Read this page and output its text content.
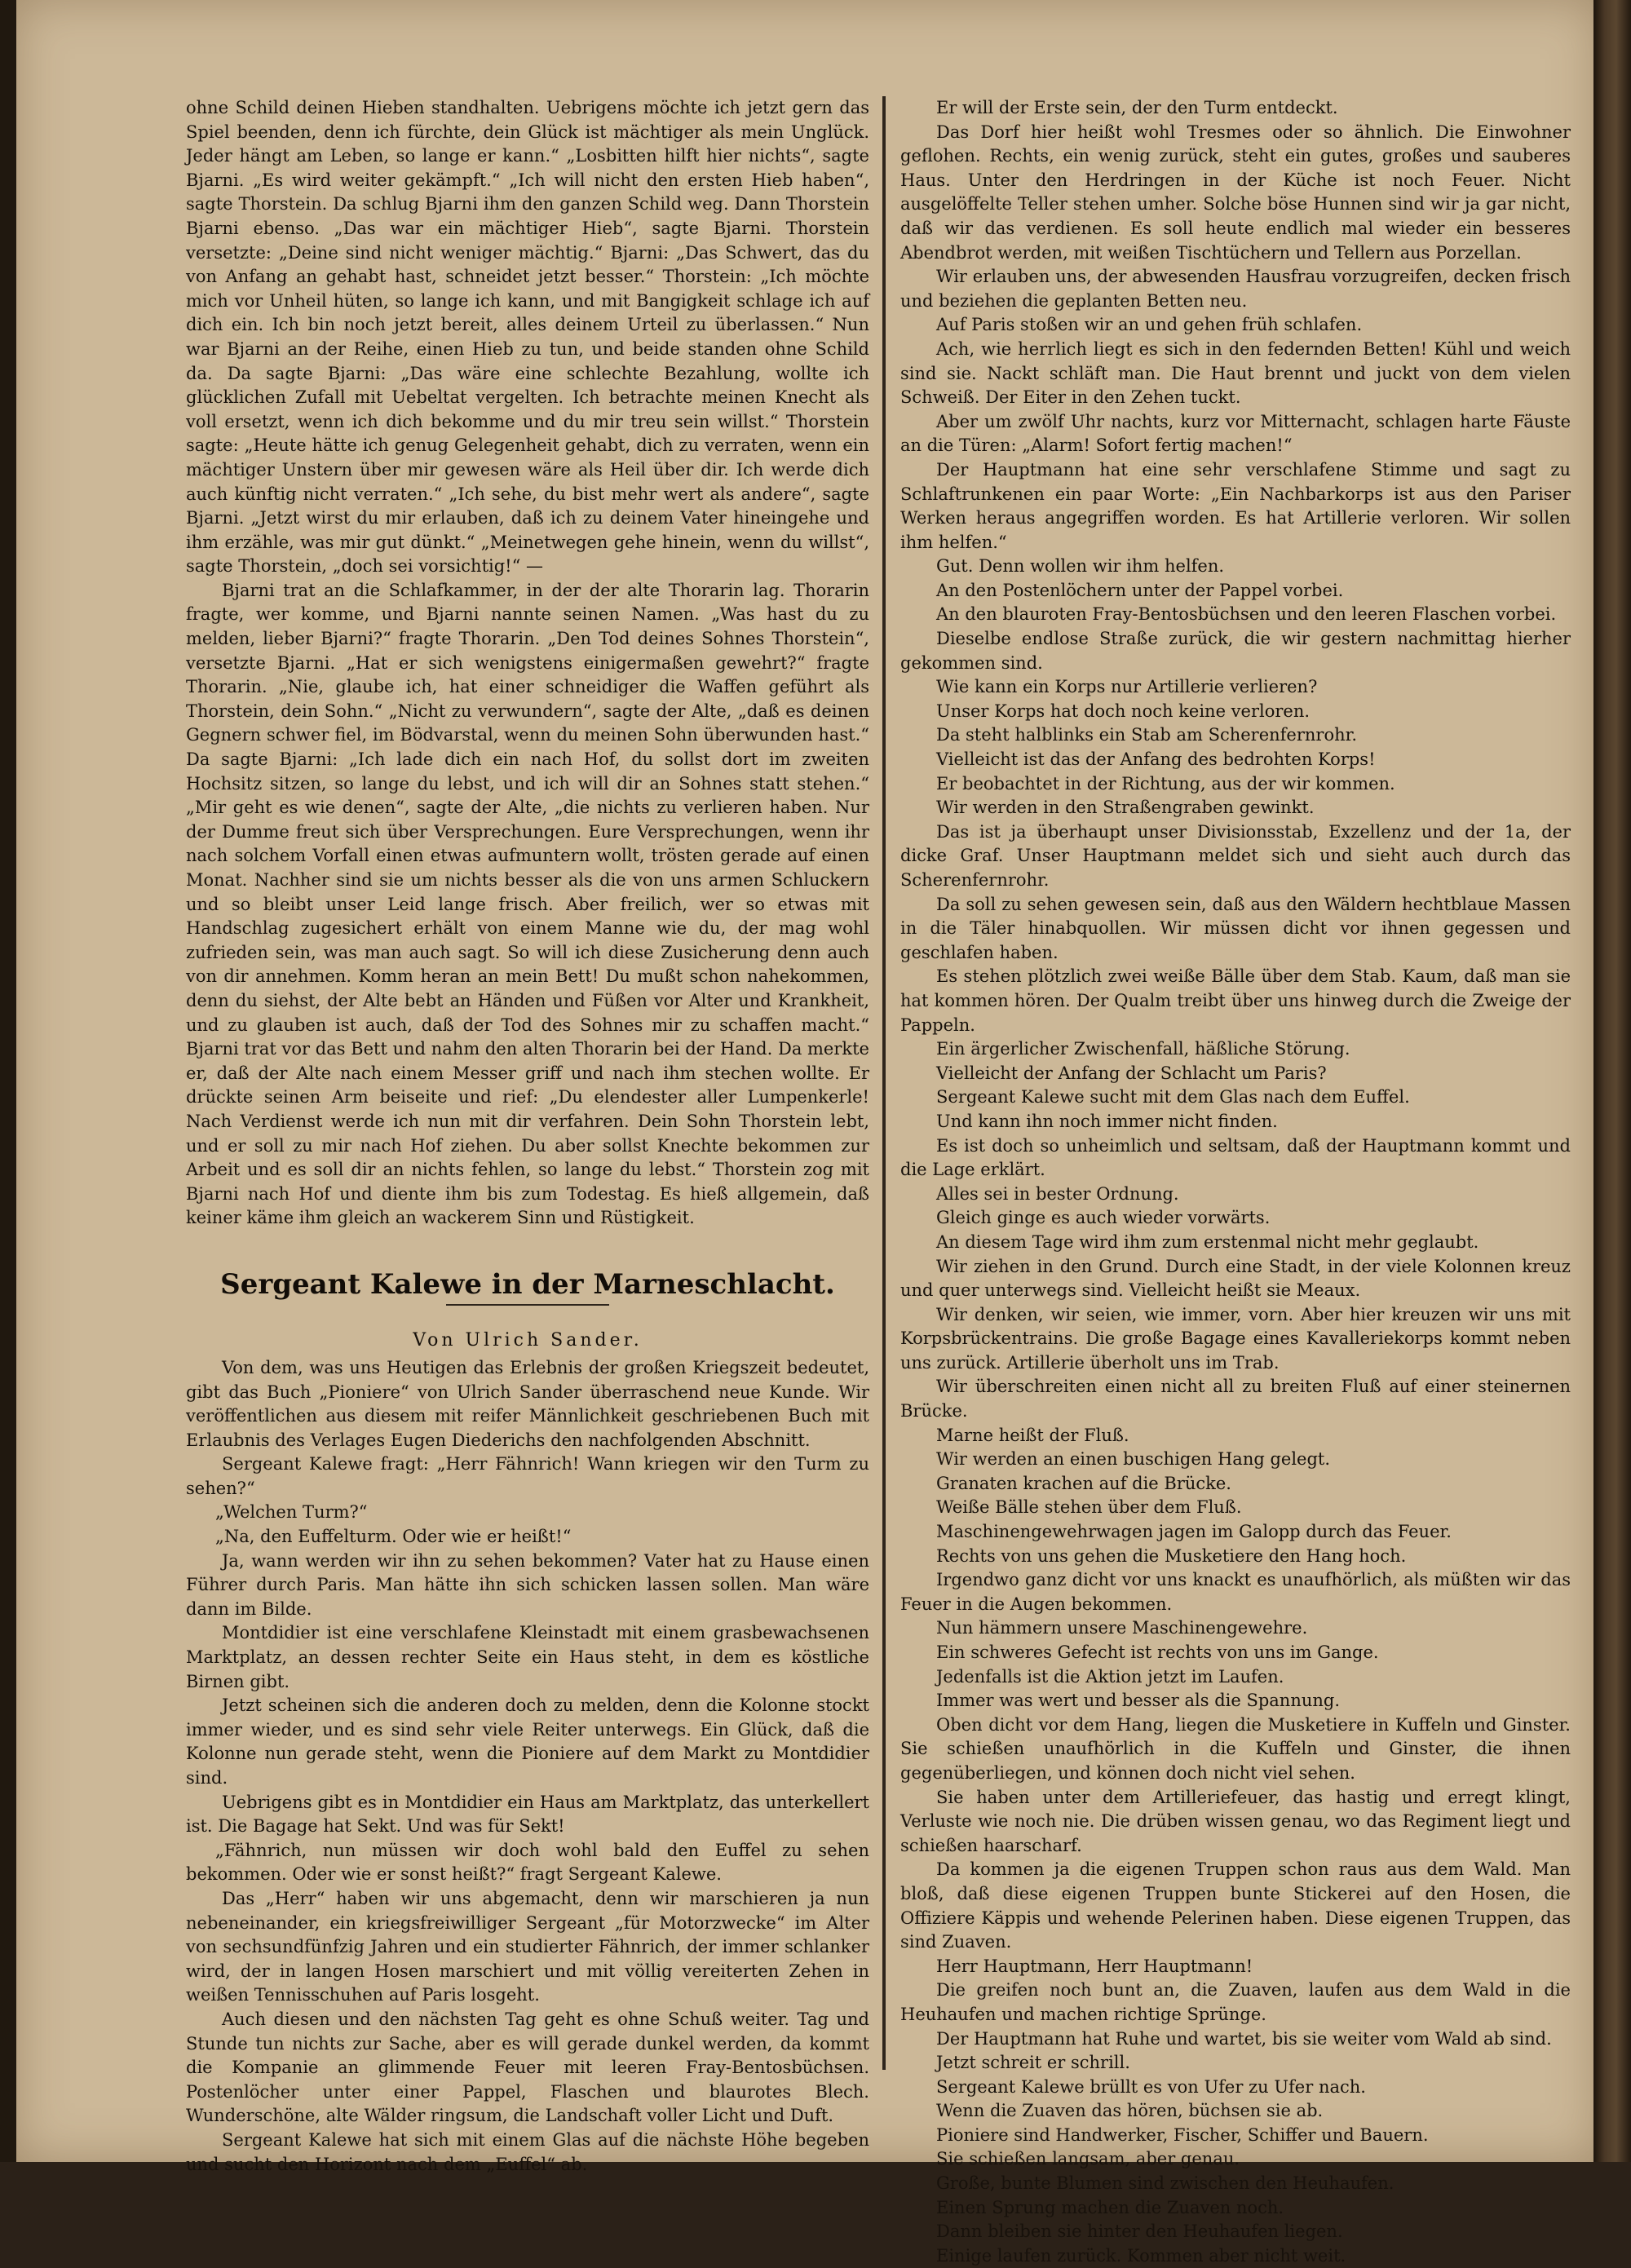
ohne Schild deinen Hieben standhalten. Uebrigens möchte ich jetzt gern das Spiel beenden, denn ich fürchte, dein Glück ist mächtiger als mein Unglück. Jeder hängt am Leben, so lange er kann.“ „Losbitten hilft hier nichts“, sagte Bjarni. „Es wird weiter gekämpft.“ „Ich will nicht den ersten Hieb haben“, sagte Thorstein. Da schlug Bjarni ihm den ganzen Schild weg. Dann Thorstein Bjarni ebenso. „Das war ein mächtiger Hieb“, sagte Bjarni. Thorstein versetzte: „Deine sind nicht weniger mächtig.“ Bjarni: „Das Schwert, das du von Anfang an gehabt hast, schneidet jetzt besser.“ Thorstein: „Ich möchte mich vor Unheil hüten, so lange ich kann, und mit Bangigkeit schlage ich auf dich ein. Ich bin noch jetzt bereit, alles deinem Urteil zu überlassen.“ Nun war Bjarni an der Reihe, einen Hieb zu tun, und beide standen ohne Schild da. Da sagte Bjarni: „Das wäre eine schlechte Bezahlung, wollte ich glücklichen Zufall mit Uebeltat vergelten. Ich betrachte meinen Knecht als voll ersetzt, wenn ich dich bekomme und du mir treu sein willst.“ Thorstein sagte: „Heute hätte ich genug Gelegenheit gehabt, dich zu verraten, wenn ein mächtiger Unstern über mir gewesen wäre als Heil über dir. Ich werde dich auch künftig nicht verraten.“ „Ich sehe, du bist mehr wert als andere“, sagte Bjarni. „Jetzt wirst du mir erlauben, daß ich zu deinem Vater hineingehe und ihm erzähle, was mir gut dünkt.“ „Meinetwegen gehe hinein, wenn du willst“, sagte Thorstein, „doch sei vorsichtig!“ —

Bjarni trat an die Schlafkammer, in der der alte Thorarin lag. Thorarin fragte, wer komme, und Bjarni nannte seinen Namen. „Was hast du zu melden, lieber Bjarni?“ fragte Thorarin. „Den Tod deines Sohnes Thorstein“, versetzte Bjarni. „Hat er sich wenigstens einigermaßen gewehrt?“ fragte Thorarin. „Nie, glaube ich, hat einer schneidiger die Waffen geführt als Thorstein, dein Sohn.“ „Nicht zu verwundern“, sagte der Alte, „daß es deinen Gegnern schwer fiel, im Bödvarstal, wenn du meinen Sohn überwunden hast.“ Da sagte Bjarni: „Ich lade dich ein nach Hof, du sollst dort im zweiten Hochsitz sitzen, so lange du lebst, und ich will dir an Sohnes statt stehen.“ „Mir geht es wie denen“, sagte der Alte, „die nichts zu verlieren haben. Nur der Dumme freut sich über Versprechungen. Eure Versprechungen, wenn ihr nach solchem Vorfall einen etwas aufmuntern wollt, trösten gerade auf einen Monat. Nachher sind sie um nichts besser als die von uns armen Schluckern und so bleibt unser Leid lange frisch. Aber freilich, wer so etwas mit Handschlag zugesichert erhält von einem Manne wie du, der mag wohl zufrieden sein, was man auch sagt. So will ich diese Zusicherung denn auch von dir annehmen. Komm heran an mein Bett! Du mußt schon nahekommen, denn du siehst, der Alte bebt an Händen und Füßen vor Alter und Krankheit, und zu glauben ist auch, daß der Tod des Sohnes mir zu schaffen macht.“ Bjarni trat vor das Bett und nahm den alten Thorarin bei der Hand. Da merkte er, daß der Alte nach einem Messer griff und nach ihm stechen wollte. Er drückte seinen Arm beiseite und rief: „Du elendester aller Lumpenkerle! Nach Verdienst werde ich nun mit dir verfahren. Dein Sohn Thorstein lebt, und er soll zu mir nach Hof ziehen. Du aber sollst Knechte bekommen zur Arbeit und es soll dir an nichts fehlen, so lange du lebst.“ Thorstein zog mit Bjarni nach Hof und diente ihm bis zum Todestag. Es hieß allgemein, daß keiner käme ihm gleich an wackerem Sinn und Rüstigkeit.

Sergeant Kalewe in der Marneschlacht.
Von Ulrich Sander.

Von dem, was uns Heutigen das Erlebnis der großen Kriegszeit bedeutet, gibt das Buch „Pioniere“ von Ulrich Sander überraschend neue Kunde. Wir veröffentlichen aus diesem mit reifer Männlichkeit geschriebenen Buch mit Erlaubnis des Verlages Eugen Diederichs den nachfolgenden Abschnitt.

Sergeant Kalewe fragt: „Herr Fähnrich! Wann kriegen wir den Turm zu sehen?“

„Welchen Turm?“

„Na, den Euffelturm. Oder wie er heißt!“

Ja, wann werden wir ihn zu sehen bekommen? Vater hat zu Hause einen Führer durch Paris. Man hätte ihn sich schicken lassen sollen. Man wäre dann im Bilde.

Montdidier ist eine verschlafene Kleinstadt mit einem grasbewachsenen Marktplatz, an dessen rechter Seite ein Haus steht, in dem es köstliche Birnen gibt.

Jetzt scheinen sich die anderen doch zu melden, denn die Kolonne stockt immer wieder, und es sind sehr viele Reiter unterwegs. Ein Glück, daß die Kolonne nun gerade steht, wenn die Pioniere auf dem Markt zu Montdidier sind.

Uebrigens gibt es in Montdidier ein Haus am Marktplatz, das unterkellert ist. Die Bagage hat Sekt. Und was für Sekt!

„Fähnrich, nun müssen wir doch wohl bald den Euffel zu sehen bekommen. Oder wie er sonst heißt?“ fragt Sergeant Kalewe.

Das „Herr“ haben wir uns abgemacht, denn wir marschieren ja nun nebeneinander, ein kriegsfreiwilliger Sergeant „für Motorzwecke“ im Alter von sechsundfünfzig Jahren und ein studierter Fähnrich, der immer schlanker wird, der in langen Hosen marschiert und mit völlig vereiterten Zehen in weißen Tennisschuhen auf Paris losgeht.

Auch diesen und den nächsten Tag geht es ohne Schuß weiter. Tag und Stunde tun nichts zur Sache, aber es will gerade dunkel werden, da kommt die Kompanie an glimmende Feuer mit leeren Fray-Bentosbüchsen. Postenlöcher unter einer Pappel, Flaschen und blaurotes Blech. Wunderschöne, alte Wälder ringsum, die Landschaft voller Licht und Duft.

Sergeant Kalewe hat sich mit einem Glas auf die nächste Höhe begeben und sucht den Horizont nach dem „Euffel“ ab.

Er will der Erste sein, der den Turm entdeckt.

Das Dorf hier heißt wohl Tresmes oder so ähnlich. Die Einwohner geflohen. Rechts, ein wenig zurück, steht ein gutes, großes und sauberes Haus. Unter den Herdringen in der Küche ist noch Feuer. Nicht ausgelöffelte Teller stehen umher. Solche böse Hunnen sind wir ja gar nicht, daß wir das verdienen. Es soll heute endlich mal wieder ein besseres Abendbrot werden, mit weißen Tischtüchern und Tellern aus Porzellan.

Wir erlauben uns, der abwesenden Hausfrau vorzugreifen, decken frisch und beziehen die geplanten Betten neu.

Auf Paris stoßen wir an und gehen früh schlafen.

Ach, wie herrlich liegt es sich in den federnden Betten! Kühl und weich sind sie. Nackt schläft man. Die Haut brennt und juckt von dem vielen Schweiß. Der Eiter in den Zehen tuckt.

Aber um zwölf Uhr nachts, kurz vor Mitternacht, schlagen harte Fäuste an die Türen: „Alarm! Sofort fertig machen!“

Der Hauptmann hat eine sehr verschlafene Stimme und sagt zu Schlaftrunkenen ein paar Worte: „Ein Nachbarkorps ist aus den Pariser Werken heraus angegriffen worden. Es hat Artillerie verloren. Wir sollen ihm helfen.“

Gut. Denn wollen wir ihm helfen.

An den Postenlöchern unter der Pappel vorbei.

An den blauroten Fray-Bentosbüchsen und den leeren Flaschen vorbei.

Dieselbe endlose Straße zurück, die wir gestern nachmittag hierher gekommen sind.

Wie kann ein Korps nur Artillerie verlieren?

Unser Korps hat doch noch keine verloren.

Da steht halblinks ein Stab am Scherenfernrohr.

Vielleicht ist das der Anfang des bedrohten Korps!

Er beobachtet in der Richtung, aus der wir kommen.

Wir werden in den Straßengraben gewinkt.

Das ist ja überhaupt unser Divisionsstab, Exzellenz und der 1a, der dicke Graf. Unser Hauptmann meldet sich und sieht auch durch das Scherenfernrohr.

Da soll zu sehen gewesen sein, daß aus den Wäldern hechtblaue Massen in die Täler hinabquollen. Wir müssen dicht vor ihnen gegessen und geschlafen haben.

Es stehen plötzlich zwei weiße Bälle über dem Stab. Kaum, daß man sie hat kommen hören. Der Qualm treibt über uns hinweg durch die Zweige der Pappeln.

Ein ärgerlicher Zwischenfall, häßliche Störung.

Vielleicht der Anfang der Schlacht um Paris?

Sergeant Kalewe sucht mit dem Glas nach dem Euffel.

Und kann ihn noch immer nicht finden.

Es ist doch so unheimlich und seltsam, daß der Hauptmann kommt und die Lage erklärt.

Alles sei in bester Ordnung.

Gleich ginge es auch wieder vorwärts.

An diesem Tage wird ihm zum erstenmal nicht mehr geglaubt.

Wir ziehen in den Grund. Durch eine Stadt, in der viele Kolonnen kreuz und quer unterwegs sind. Vielleicht heißt sie Meaux.

Wir denken, wir seien, wie immer, vorn. Aber hier kreuzen wir uns mit Korpsbrückentrains. Die große Bagage eines Kavalleriekorps kommt neben uns zurück. Artillerie überholt uns im Trab.

Wir überschreiten einen nicht all zu breiten Fluß auf einer steinernen Brücke.

Marne heißt der Fluß.

Wir werden an einen buschigen Hang gelegt.

Granaten krachen auf die Brücke.

Weiße Bälle stehen über dem Fluß.

Maschinengewehrwagen jagen im Galopp durch das Feuer.

Rechts von uns gehen die Musketiere den Hang hoch.

Irgendwo ganz dicht vor uns knackt es unaufhörlich, als müßten wir das Feuer in die Augen bekommen.

Nun hämmern unsere Maschinengewehre.

Ein schweres Gefecht ist rechts von uns im Gange.

Jedenfalls ist die Aktion jetzt im Laufen.

Immer was wert und besser als die Spannung.

Oben dicht vor dem Hang, liegen die Musketiere in Kuffeln und Ginster. Sie schießen unaufhörlich in die Kuffeln und Ginster, die ihnen gegenüberliegen, und können doch nicht viel sehen.

Sie haben unter dem Artilleriefeuer, das hastig und erregt klingt, Verluste wie noch nie. Die drüben wissen genau, wo das Regiment liegt und schießen haarscharf.

Da kommen ja die eigenen Truppen schon raus aus dem Wald. Man bloß, daß diese eigenen Truppen bunte Stickerei auf den Hosen, die Offiziere Käppis und wehende Pelerinen haben. Diese eigenen Truppen, das sind Zuaven.

Herr Hauptmann, Herr Hauptmann!

Die greifen noch bunt an, die Zuaven, laufen aus dem Wald in die Heuhaufen und machen richtige Sprünge.

Der Hauptmann hat Ruhe und wartet, bis sie weiter vom Wald ab sind.

Jetzt schreit er schrill.

Sergeant Kalewe brüllt es von Ufer zu Ufer nach.

Wenn die Zuaven das hören, büchsen sie ab.

Pioniere sind Handwerker, Fischer, Schiffer und Bauern.

Sie schießen langsam, aber genau.

Große, bunte Blumen sind zwischen den Heuhaufen.

Einen Sprung machen die Zuaven noch.

Dann bleiben sie hinter den Heuhaufen liegen.

Einige laufen zurück. Kommen aber nicht weit.
